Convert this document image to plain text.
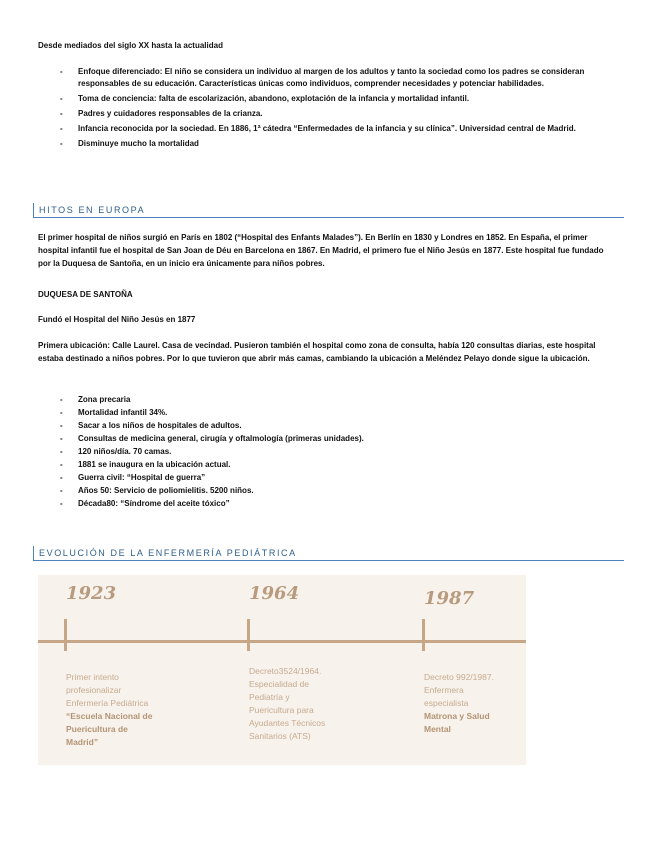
Desde mediados del siglo XX hasta la actualidad
- Enfoque diferenciado: El niño se considera un individuo al margen de los adultos y tanto la sociedad como los padres se consideran responsables de su educación. Características únicas como individuos, comprender necesidades y potenciar habilidades.
- Toma de conciencia: falta de escolarización, abandono, explotación de la infancia y mortalidad infantil.
- Padres y cuidadores responsables de la crianza.
- Infancia reconocida por la sociedad. En 1886, 1ª cátedra “Enfermedades de la infancia y su clínica”. Universidad central de Madrid.
- Disminuye mucho la mortalidad
HITOS EN EUROPA
El primer hospital de niños surgió en París en 1802 (“Hospital des Enfants Malades”). En Berlín en 1830 y Londres en 1852. En España, el primer hospital infantil fue el hospital de San Joan de Déu en Barcelona en 1867. En Madrid, el primero fue el Niño Jesús en 1877. Este hospital fue fundado por la Duquesa de Santoña, en un inicio era únicamente para niños pobres.
DUQUESA DE SANTOÑA
Fundó el Hospital del Niño Jesús en 1877
Primera ubicación: Calle Laurel. Casa de vecindad. Pusieron también el hospital como zona de consulta, había 120 consultas diarias, este hospital estaba destinado a niños pobres. Por lo que tuvieron que abrir más camas, cambiando la ubicación a Meléndez Pelayo donde sigue la ubicación.
- Zona precaria
- Mortalidad infantil 34%.
- Sacar a los niños de hospitales de adultos.
- Consultas de medicina general, cirugía y oftalmología (primeras unidades).
- 120 niños/día. 70 camas.
- 1881 se inaugura en la ubicación actual.
- Guerra civil: “Hospital de guerra”
- Años 50: Servicio de poliomielitis. 5200 niños.
- Década80: “Síndrome del aceite tóxico”
EVOLUCIÓN DE LA ENFERMERÍA PEDIÁTRICA
1923	1964	1987
Primer intento
profesionalizar
Enfermería Pediátrica
“Escuela Nacional de
Puericultura de
Madrid”
Decreto3524/1964.
Especialidad de
Pediatría y
Puericultura para
Ayudantes Técnicos
Sanitarios (ATS)
Decreto 992/1987.
Enfermera
especialista
Matrona y Salud
Mental
